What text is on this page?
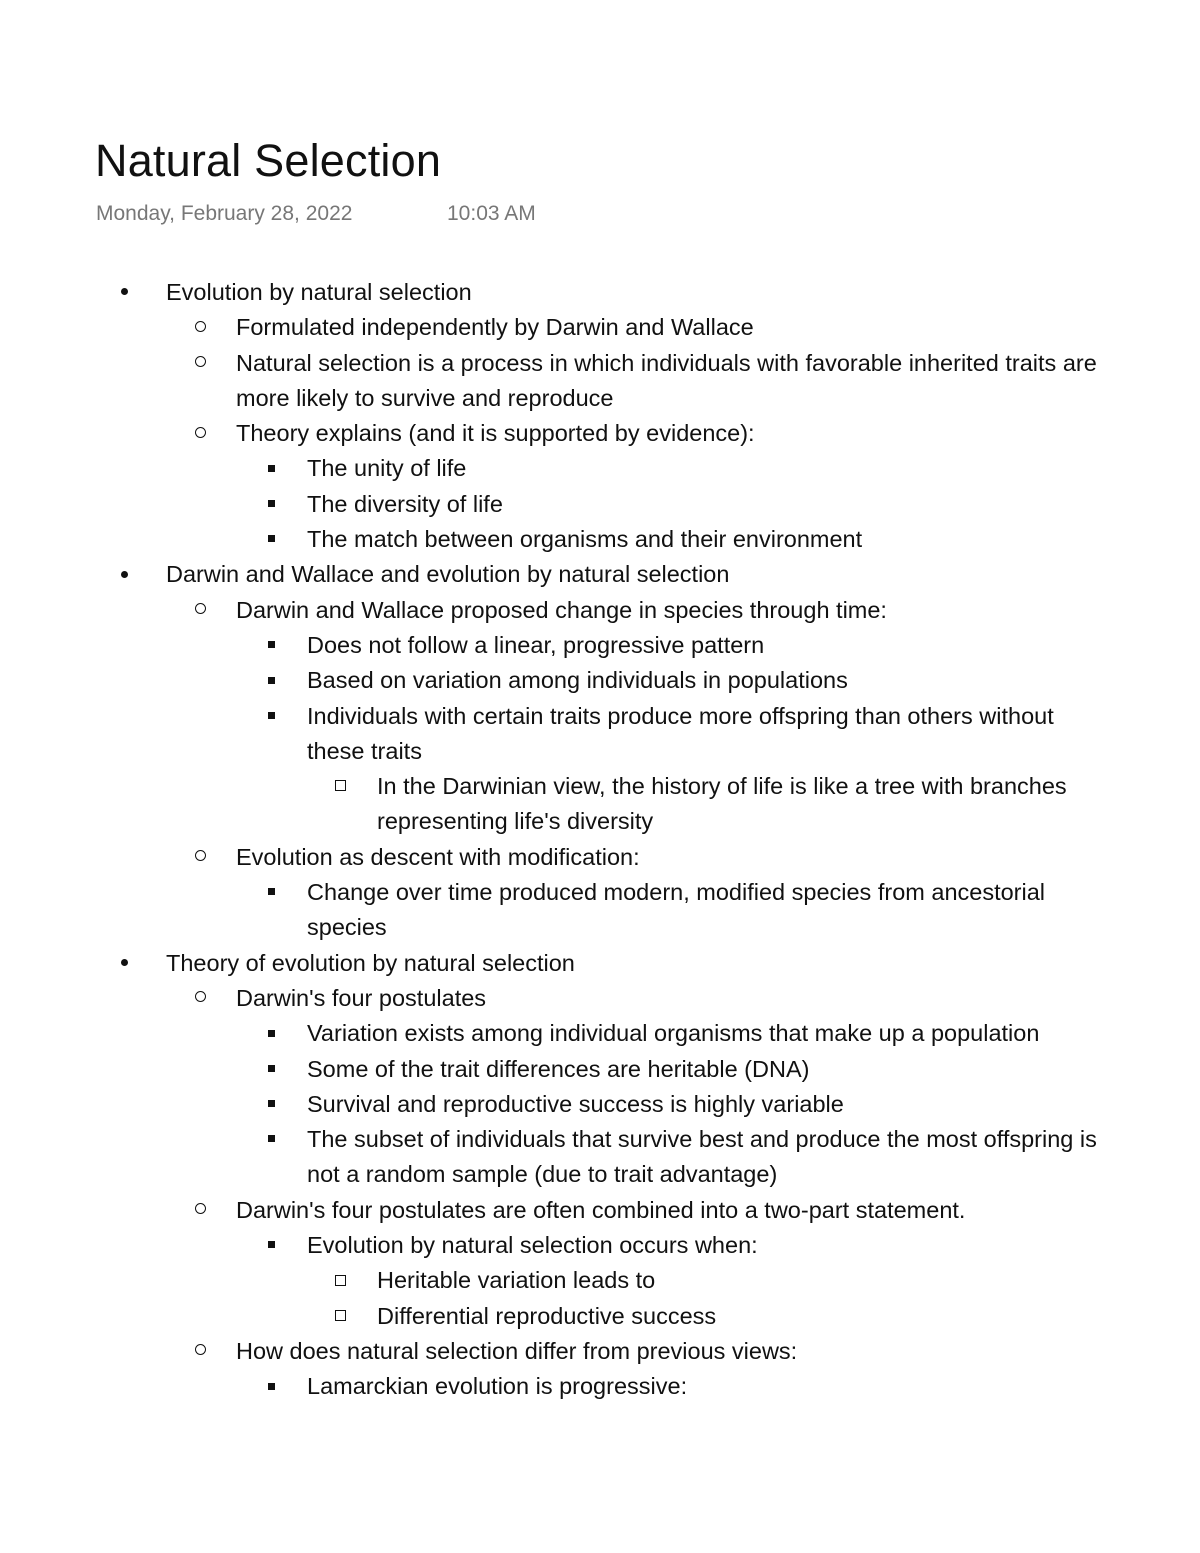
Natural Selection
Monday, February 28, 2022	10:03 AM
Evolution by natural selection
Formulated independently by Darwin and Wallace
Natural selection is a process in which individuals with favorable inherited traits are more likely to survive and reproduce
Theory explains (and it is supported by evidence):
The unity of life
The diversity of life
The match between organisms and their environment
Darwin and Wallace and evolution by natural selection
Darwin and Wallace proposed change in species through time:
Does not follow a linear, progressive pattern
Based on variation among individuals in populations
Individuals with certain traits produce more offspring than others without these traits
In the Darwinian view, the history of life is like a tree with branches representing life's diversity
Evolution as descent with modification:
Change over time produced modern, modified species from ancestorial species
Theory of evolution by natural selection
Darwin's four postulates
Variation exists among individual organisms that make up a population
Some of the trait differences are heritable (DNA)
Survival and reproductive success is highly variable
The subset of individuals that survive best and produce the most offspring is not a random sample (due to trait advantage)
Darwin's four postulates are often combined into a two-part statement.
Evolution by natural selection occurs when:
Heritable variation leads to
Differential reproductive success
How does natural selection differ from previous views:
Lamarckian evolution is progressive:
